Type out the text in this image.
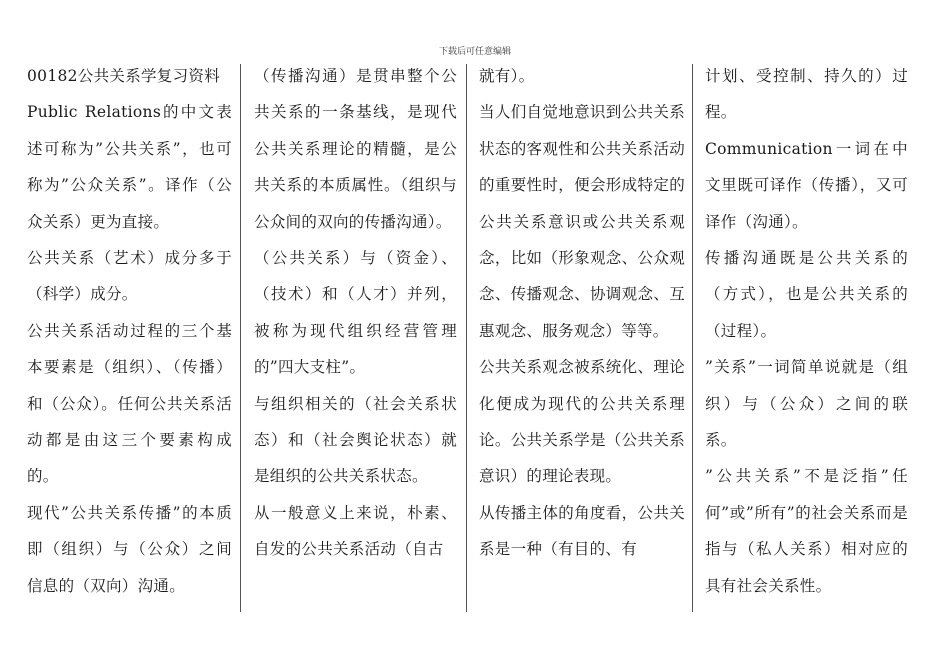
下载后可任意编辑

00182公共关系学复习资料

Public Relations的中文表述可称为”公共关系”，也可称为”公众关系”。译作（公众关系）更为直接。

公共关系（艺术）成分多于（科学）成分。

公共关系活动过程的三个基本要素是（组织）、（传播）和（公众）。任何公共关系活动都是由这三个要素构成的。

现代”公共关系传播”的本质即（组织）与（公众）之间信息的（双向）沟通。

（传播沟通）是贯串整个公共关系的一条基线，是现代公共关系理论的精髓，是公共关系的本质属性。（组织与公众间的双向的传播沟通）。

（公共关系）与（资金）、（技术）和（人才）并列，被称为现代组织经营管理的”四大支柱”。

与组织相关的（社会关系状态）和（社会舆论状态）就是组织的公共关系状态。

从一般意义上来说，朴素、自发的公共关系活动（自古

就有）。

当人们自觉地意识到公共关系状态的客观性和公共关系活动的重要性时，便会形成特定的公共关系意识或公共关系观念，比如（形象观念、公众观念、传播观念、协调观念、互惠观念、服务观念）等等。

公共关系观念被系统化、理论化便成为现代的公共关系理论。公共关系学是（公共关系意识）的理论表现。

从传播主体的角度看，公共关系是一种（有目的、有

计划、受控制、持久的）过程。

Communication一词在中文里既可译作（传播），又可译作（沟通）。

传播沟通既是公共关系的（方式），也是公共关系的（过程）。

”关系”一词简单说就是（组织）与（公众）之间的联系。

”公共关系”不是泛指”任何”或”所有”的社会关系而是指与（私人关系）相对应的具有社会关系性。
